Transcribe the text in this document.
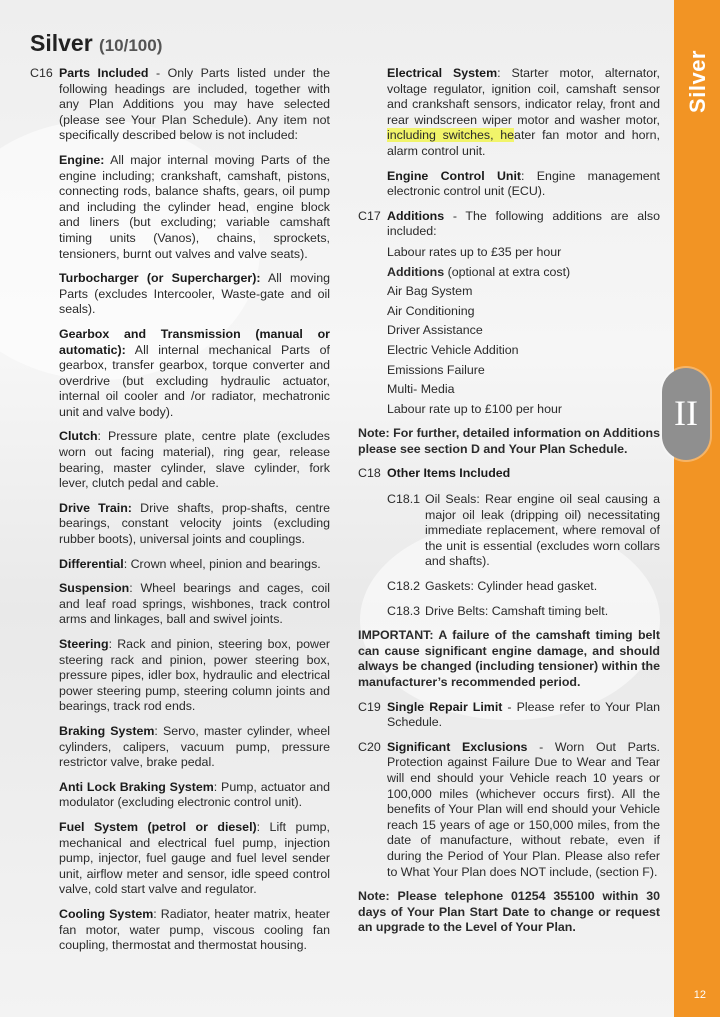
Silver
12
II
Silver (10/100)
C16 Parts Included - Only Parts listed under the following headings are included, together with any Plan Additions you may have selected (please see Your Plan Schedule). Any item not specifically described below is not included:
Engine: All major internal moving Parts of the engine including; crankshaft, camshaft, pistons, connecting rods, balance shafts, gears, oil pump and including the cylinder head, engine block and liners (but excluding; variable camshaft timing units (Vanos), chains, sprockets, tensioners, burnt out valves and valve seats).
Turbocharger (or Supercharger): All moving Parts (excludes Intercooler, Waste-gate and oil seals).
Gearbox and Transmission (manual or automatic): All internal mechanical Parts of gearbox, transfer gearbox, torque converter and overdrive (but excluding hydraulic actuator, internal oil cooler and /or radiator, mechatronic unit and valve body).
Clutch: Pressure plate, centre plate (excludes worn out facing material), ring gear, release bearing, master cylinder, slave cylinder, fork lever, clutch pedal and cable.
Drive Train: Drive shafts, prop-shafts, centre bearings, constant velocity joints (excluding rubber boots), universal joints and couplings.
Differential: Crown wheel, pinion and bearings.
Suspension: Wheel bearings and cages, coil and leaf road springs, wishbones, track control arms and linkages, ball and swivel joints.
Steering: Rack and pinion, steering box, power steering rack and pinion, power steering box, pressure pipes, idler box, hydraulic and electrical power steering pump, steering column joints and bearings, track rod ends.
Braking System: Servo, master cylinder, wheel cylinders, calipers, vacuum pump, pressure restrictor valve, brake pedal.
Anti Lock Braking System: Pump, actuator and modulator (excluding electronic control unit).
Fuel System (petrol or diesel): Lift pump, mechanical and electrical fuel pump, injection pump, injector, fuel gauge and fuel level sender unit, airflow meter and sensor, idle speed control valve, cold start valve and regulator.
Cooling System: Radiator, heater matrix, heater fan motor, water pump, viscous cooling fan coupling, thermostat and thermostat housing.
Electrical System: Starter motor, alternator, voltage regulator, ignition coil, camshaft sensor and crankshaft sensors, indicator relay, front and rear windscreen wiper motor and washer motor, including switches, heater fan motor and horn, alarm control unit.
Engine Control Unit: Engine management electronic control unit (ECU).
C17 Additions - The following additions are also included:
Labour rates up to £35 per hour
Additions (optional at extra cost)
Air Bag System
Air Conditioning
Driver Assistance
Electric Vehicle Addition
Emissions Failure
Multi- Media
Labour rate up to £100 per hour
Note: For further, detailed information on Additions please see section D and Your Plan Schedule.
C18 Other Items Included
C18.1 Oil Seals: Rear engine oil seal causing a major oil leak (dripping oil) necessitating immediate replacement, where removal of the unit is essential (excludes worn collars and shafts).
C18.2 Gaskets: Cylinder head gasket.
C18.3 Drive Belts: Camshaft timing belt.
IMPORTANT: A failure of the camshaft timing belt can cause significant engine damage, and should always be changed (including tensioner) within the manufacturer’s recommended period.
C19 Single Repair Limit - Please refer to Your Plan Schedule.
C20 Significant Exclusions - Worn Out Parts. Protection against Failure Due to Wear and Tear will end should your Vehicle reach 10 years or 100,000 miles (whichever occurs first). All the benefits of Your Plan will end should your Vehicle reach 15 years of age or 150,000 miles, from the date of manufacture, without rebate, even if during the Period of Your Plan. Please also refer to What Your Plan does NOT include, (section F).
Note: Please telephone 01254 355100 within 30 days of Your Plan Start Date to change or request an upgrade to the Level of Your Plan.
